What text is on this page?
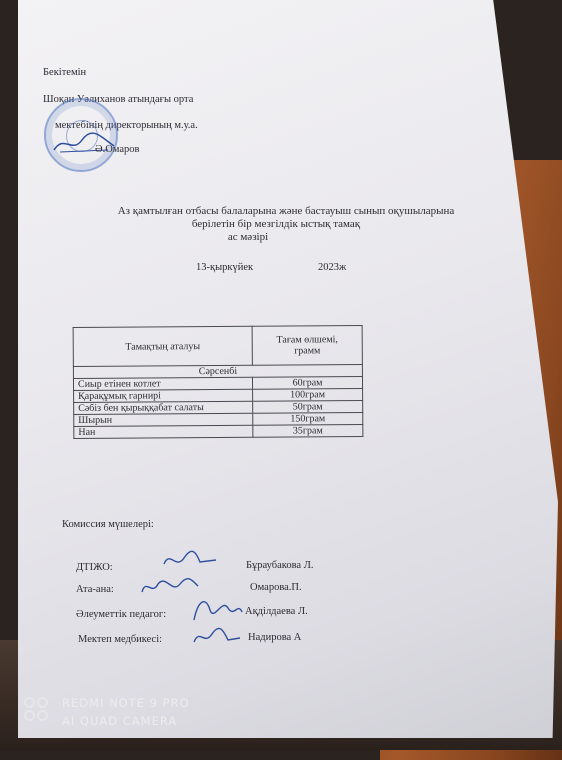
Бекітемін
Шоқан Уәлиханов атындағы орта
мектебінің директорының м.у.а.
Ә.Омаров
Аз қамтылған отбасы балаларына және бастауыш сынып оқушыларына
берілетін бір мезгілдік ыстық тамақ
ас мәзірі
13-қыркүйек	2023ж
Тамақтың аталуы	Тағам өлшемі,
грамм
Сәрсенбі	
Сиыр етінен котлет	60грам
Қарақұмық гарнирі	100грам
Сәбіз бен қырыққабат салаты	50грам
Шырын	150грам
Нан	35грам
Комиссия мүшелері:
ДТІЖО:	Бұраубакова Л.
Ата-ана:	Омарова.П.
Әлеуметтік педагог:	Ақділдаева Л.
Мектеп медбикесі:	Надирова А
REDMI NOTE 9 PRO
AI QUAD CAMERA
